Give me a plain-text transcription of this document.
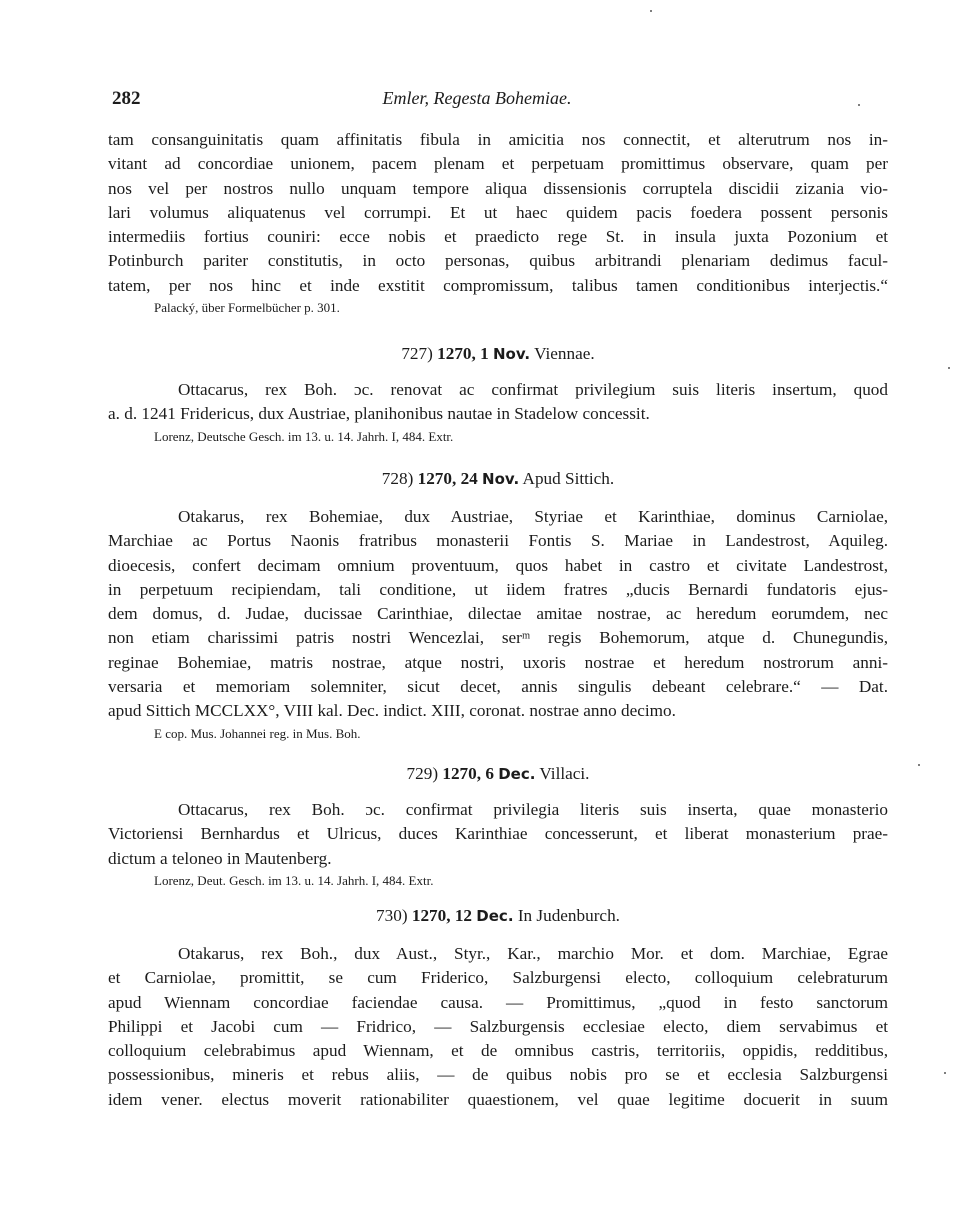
282	Emler, Regesta Bohemiae.
tam consanguinitatis quam affinitatis fibula in amicitia nos connectit, et alterutrum nos in-
vitant ad concordiae unionem, pacem plenam et perpetuam promittimus observare, quam per
nos vel per nostros nullo unquam tempore aliqua dissensionis corruptela discidii zizania vio-
lari volumus aliquatenus vel corrumpi. Et ut haec quidem pacis foedera possent personis
intermediis fortius couniri: ecce nobis et praedicto rege St. in insula juxta Pozonium et
Potinburch pariter constitutis, in octo personas, quibus arbitrandi plenariam dedimus facul-
tatem, per nos hinc et inde exstitit compromissum, talibus tamen conditionibus interjectis.“
Palacký, über Formelbücher p. 301.
727) 1270, 1 Nov. Viennae.
Ottacarus, rex Boh. ɔc. renovat ac confirmat privilegium suis literis insertum, quod
a. d. 1241 Fridericus, dux Austriae, planihonibus nautae in Stadelow concessit.
Lorenz, Deutsche Gesch. im 13. u. 14. Jahrh. I, 484. Extr.
728) 1270, 24 Nov. Apud Sittich.
Otakarus, rex Bohemiae, dux Austriae, Styriae et Karinthiae, dominus Carniolae,
Marchiae ac Portus Naonis fratribus monasterii Fontis S. Mariae in Landestrost, Aquileg.
dioecesis, confert decimam omnium proventuum, quos habet in castro et civitate Landestrost,
in perpetuum recipiendam, tali conditione, ut iidem fratres „ducis Bernardi fundatoris ejus-
dem domus, d. Judae, ducissae Carinthiae, dilectae amitae nostrae, ac heredum eorumdem, nec
non etiam charissimi patris nostri Wencezlai, serᵐ regis Bohemorum, atque d. Chunegundis,
reginae Bohemiae, matris nostrae, atque nostri, uxoris nostrae et heredum nostrorum anni-
versaria et memoriam solemniter, sicut decet, annis singulis debeant celebrare.“ — Dat.
apud Sittich MCCLXX°, VIII kal. Dec. indict. XIII, coronat. nostrae anno decimo.
E cop. Mus. Johannei reg. in Mus. Boh.
729) 1270, 6 Dec. Villaci.
Ottacarus, rex Boh. ɔc. confirmat privilegia literis suis inserta, quae monasterio
Victoriensi Bernhardus et Ulricus, duces Karinthiae concesserunt, et liberat monasterium prae-
dictum a teloneo in Mautenberg.
Lorenz, Deut. Gesch. im 13. u. 14. Jahrh. I, 484. Extr.
730) 1270, 12 Dec. In Judenburch.
Otakarus, rex Boh., dux Aust., Styr., Kar., marchio Mor. et dom. Marchiae, Egrae
et Carniolae, promittit, se cum Friderico, Salzburgensi electo, colloquium celebraturum
apud Wiennam concordiae faciendae causa. — Promittimus, „quod in festo sanctorum
Philippi et Jacobi cum — Fridrico, — Salzburgensis ecclesiae electo, diem servabimus et
colloquium celebrabimus apud Wiennam, et de omnibus castris, territoriis, oppidis, redditibus,
possessionibus, mineris et rebus aliis, — de quibus nobis pro se et ecclesia Salzburgensi
idem vener. electus moverit rationabiliter quaestionem, vel quae legitime docuerit in suum
